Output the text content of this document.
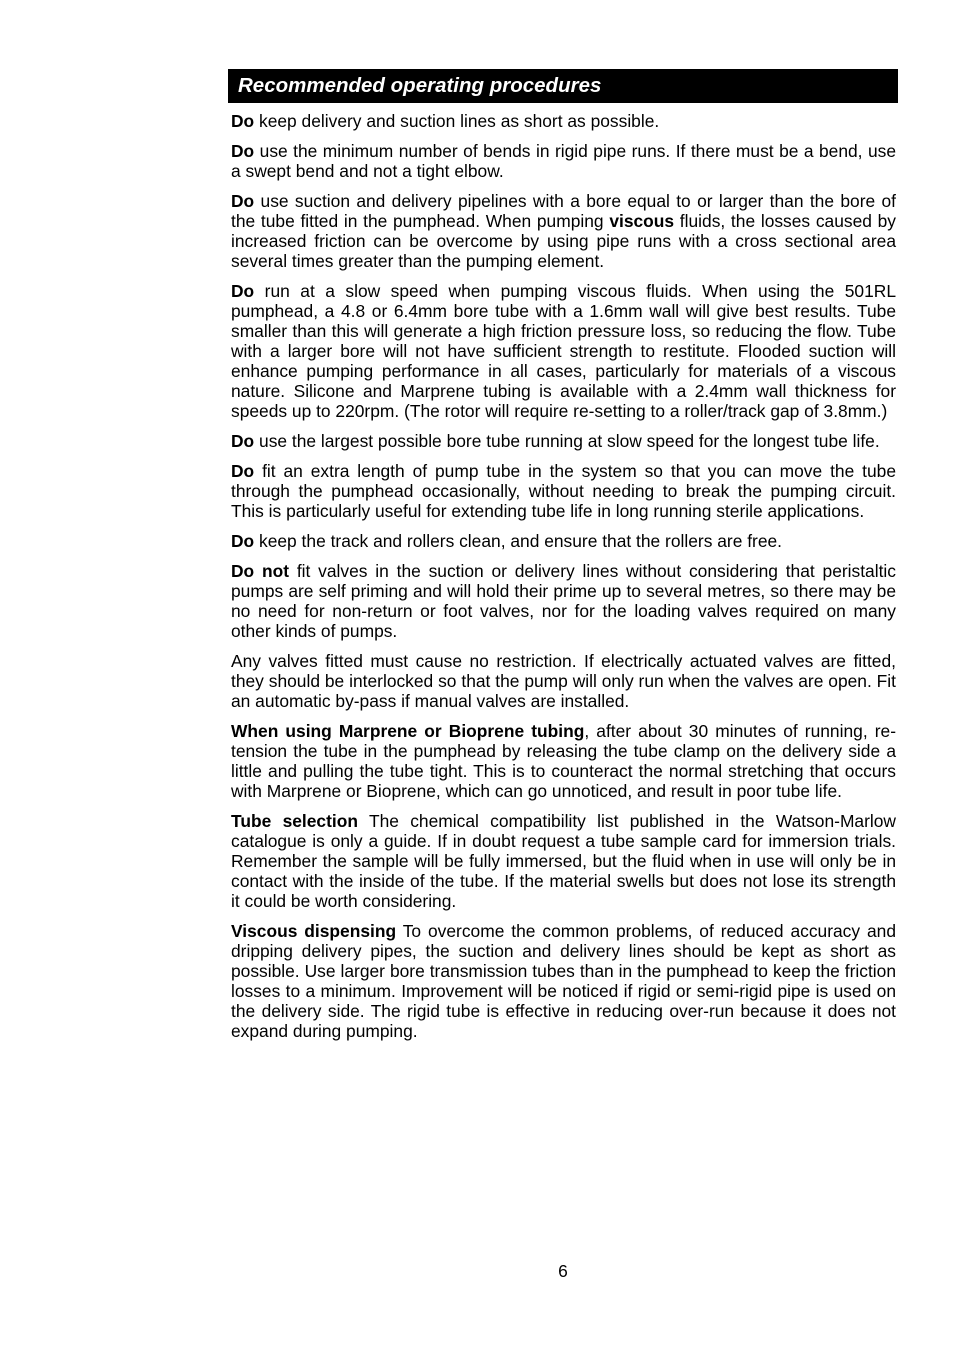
Recommended operating procedures

Do keep delivery and suction lines as short as possible.

Do use the minimum number of bends in rigid pipe runs. If there must be a bend, use a swept bend and not a tight elbow.

Do use suction and delivery pipelines with a bore equal to or larger than the bore of the tube fitted in the pumphead. When pumping viscous fluids, the losses caused by increased friction can be overcome by using pipe runs with a cross sectional area several times greater than the pumping element.

Do run at a slow speed when pumping viscous fluids. When using the 501RL pumphead, a 4.8 or 6.4mm bore tube with a 1.6mm wall will give best results. Tube smaller than this will generate a high friction pressure loss, so reducing the flow. Tube with a larger bore will not have sufficient strength to restitute. Flooded suction will enhance pumping performance in all cases, particularly for materials of a viscous nature. Silicone and Marprene tubing is available with a 2.4mm wall thickness for speeds up to 220rpm. (The rotor will require re-setting to a roller/track gap of 3.8mm.)

Do use the largest possible bore tube running at slow speed for the longest tube life.

Do fit an extra length of pump tube in the system so that you can move the tube through the pumphead occasionally, without needing to break the pumping circuit. This is particularly useful for extending tube life in long running sterile applications.

Do keep the track and rollers clean, and ensure that the rollers are free.

Do not fit valves in the suction or delivery lines without considering that peristaltic pumps are self priming and will hold their prime up to several metres, so there may be no need for non-return or foot valves, nor for the loading valves required on many other kinds of pumps.

Any valves fitted must cause no restriction. If electrically actuated valves are fitted, they should be interlocked so that the pump will only run when the valves are open. Fit an automatic by-pass if manual valves are installed.

When using Marprene or Bioprene tubing, after about 30 minutes of running, re-tension the tube in the pumphead by releasing the tube clamp on the delivery side a little and pulling the tube tight. This is to counteract the normal stretching that occurs with Marprene or Bioprene, which can go unnoticed, and result in poor tube life.

Tube selection The chemical compatibility list published in the Watson-Marlow catalogue is only a guide. If in doubt request a tube sample card for immersion trials. Remember the sample will be fully immersed, but the fluid when in use will only be in contact with the inside of the tube. If the material swells but does not lose its strength it could be worth considering.

Viscous dispensing To overcome the common problems, of reduced accuracy and dripping delivery pipes, the suction and delivery lines should be kept as short as possible. Use larger bore transmission tubes than in the pumphead to keep the friction losses to a minimum. Improvement will be noticed if rigid or semi-rigid pipe is used on the delivery side. The rigid tube is effective in reducing over-run because it does not expand during pumping.

6
